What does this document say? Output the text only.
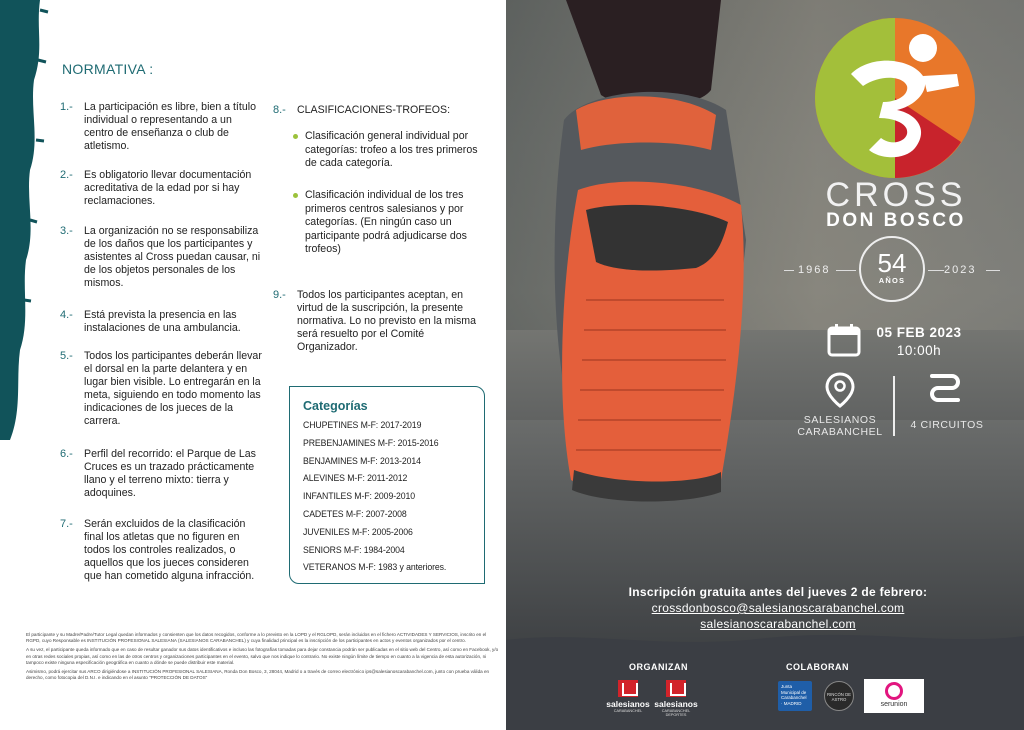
NORMATIVA :
1.- La participación es libre, bien a título individual o representando a un centro de enseñanza o club de atletismo.
2.- Es obligatorio llevar documentación acreditativa de la edad por si hay reclamaciones.
3.- La organización no se responsabiliza de los daños que los participantes y asistentes al Cross puedan causar, ni de los objetos personales de los mismos.
4.- Está prevista la presencia en las instalaciones de una ambulancia.
5.- Todos los participantes deberán llevar el dorsal en la parte delantera y en lugar bien visible. Lo entregarán en la meta, siguiendo en todo momento las indicaciones de los jueces de la carrera.
6.- Perfil del recorrido: el Parque de Las Cruces es un trazado prácticamente llano y el terreno mixto: tierra y adoquines.
7.- Serán excluidos de la clasificación final los atletas que no figuren en todos los controles realizados, o aquellos que los jueces consideren que han cometido alguna infracción.
8.- CLASIFICACIONES-TROFEOS:
Clasificación general individual por categorías: trofeo a los tres primeros de cada categoría.
Clasificación individual de los tres primeros centros salesianos y por categorías. (En ningún caso un participante podrá adjudicarse dos trofeos)
9.- Todos los participantes aceptan, en virtud de la suscripción, la presente normativa. Lo no previsto en la misma será resuelto por el Comité Organizador.
Categorías
CHUPETINES M-F: 2017-2019
PREBENJAMINES M-F: 2015-2016
BENJAMINES M-F: 2013-2014
ALEVINES M-F: 2011-2012
INFANTILES M-F: 2009-2010
CADETES M-F: 2007-2008
JUVENILES M-F: 2005-2006
SENIORS M-F: 1984-2004
VETERANOS M-F: 1983 y anteriores.

El participante y su Madre/Padre/Tutor Legal quedan informados y consienten que los datos recogidos, conforme a lo previsto en la LOPD y el RGLOPD, serán incluidos en el fichero ACTIVIDADES Y SERVICIOS, inscrito en el RGPD, cuyo Responsable es INSTITUCIÓN PROFESIONAL SALESIANA (SALESIANOS CARABANCHEL) y cuya finalidad principal es la inscripción de los participantes en actos y eventos organizados por el centro.

A su vez, el participante queda informado que en caso de resultar ganador sus datos identificativos e incluso las fotografías tomadas para dejar constancia podrán ser publicadas en el sitio web del Centro, así como en Facebook, y/o en otras redes sociales propias, así como en las de otros centros y organizaciones participantes en el evento, salvo que nos indique lo contrario. No existe ningún límite de tiempo en cuanto a la vigencia de esta autorización, ni tampoco existe ninguna especificación geográfica en cuanto a dónde se puede distribuir este material.

Asimismo, podrá ejercitar sus ARCO dirigiéndose a INSTITUCIÓN PROFESIONAL SALESIANA, Ronda Don Bosco, 3, 28044, Madrid o a través de correo electrónico ips@salesianoscarabanchel.com, junto con prueba válida en derecho, como fotocopia del D.N.I. e indicando en el asunto "PROTECCIÓN DE DATOS"

CROSS
DON BOSCO
1968	54
AÑOS
2023
05 FEB 2023
10:00h
SALESIANOS CARABANCHEL
4 CIRCUITOS
Inscripción gratuita antes del jueves 2 de febrero:
crossdonbosco@salesianoscarabanchel.com
salesianoscarabanchel.com
ORGANIZAN	COLABORAN
salesianos
CARABANCHEL
salesianos
CARABANCHEL DEPORTES
Junta Municipal de Carabanchel · MADRID
RINCÓN DE ASTRO
serunion
